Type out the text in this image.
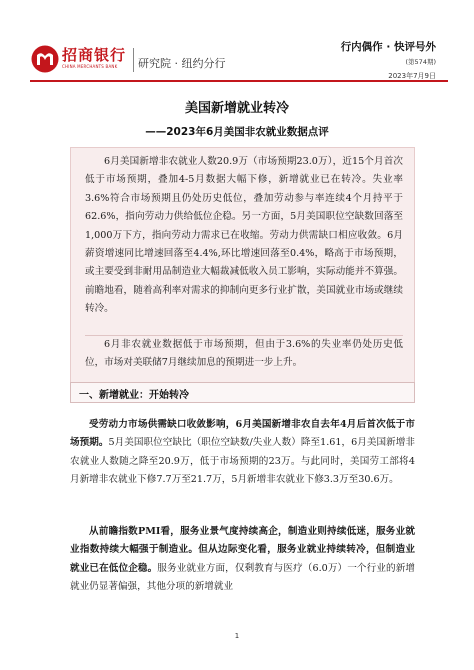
招商银行
CHINA MERCHANTS BANK 研究院 · 纽约分行
行内偶作 · 快评号外
(第574期)
2023年7月9日
美国新增就业转冷
——2023年6月美国非农就业数据点评

6月美国新增非农就业人数20.9万（市场预期23.0万），近15个月首次低于市场预期，叠加4-5月数据大幅下修，新增就业已在转冷。失业率3.6%符合市场预期且仍处历史低位，叠加劳动参与率连续4个月持平于62.6%，指向劳动力供给低位企稳。另一方面，5月美国职位空缺数回落至1,000万下方，指向劳动力需求已在收缩。劳动力供需缺口相应收敛。6月薪资增速同比增速回落至4.4%,环比增速回落至0.4%，略高于市场预期，或主要受到非耐用品制造业大幅裁减低收入员工影响，实际动能并不算强。前瞻地看，随着高利率对需求的抑制向更多行业扩散，美国就业市场或继续转冷。

6月非农就业数据低于市场预期，但由于3.6%的失业率仍处历史低位，市场对美联储7月继续加息的预期进一步上升。

一、新增就业：开始转冷

受劳动力市场供需缺口收敛影响，6月美国新增非农自去年4月后首次低于市场预期。5月美国职位空缺比（职位空缺数/失业人数）降至1.61，6月美国新增非农就业人数随之降至20.9万，低于市场预期的23万。与此同时，美国劳工部将4月新增非农就业下修7.7万至21.7万，5月新增非农就业下修3.3万至30.6万。

从前瞻指数PMI看，服务业景气度持续高企，制造业则持续低迷，服务业就业指数持续大幅强于制造业。但从边际变化看，服务业就业持续转冷，但制造业就业已在低位企稳。服务业就业方面，仅剩教育与医疗（6.0万）一个行业的新增就业仍显著偏强，其他分项的新增就业

1
